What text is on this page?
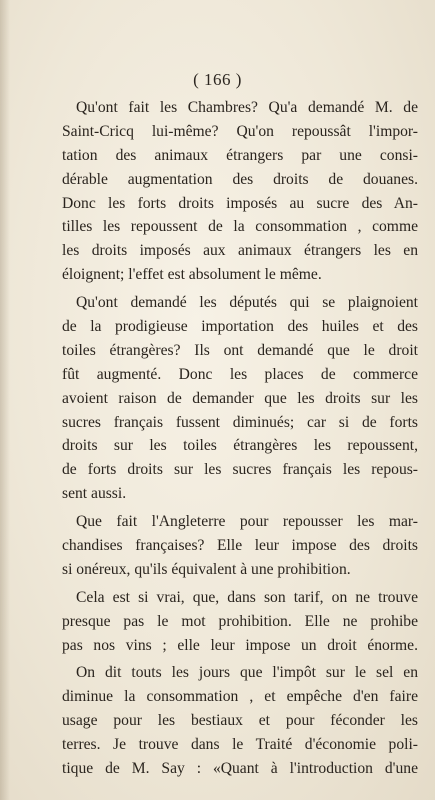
( 166 )
Qu'ont fait les Chambres? Qu'a demandé M. de
Saint-Cricq lui-même? Qu'on repoussât l'impor-
tation des animaux étrangers par une consi-
dérable augmentation des droits de douanes.
Donc les forts droits imposés au sucre des An-
tilles les repoussent de la consommation , comme
les droits imposés aux animaux étrangers les en
éloignent; l'effet est absolument le même.
Qu'ont demandé les députés qui se plaignoient
de la prodigieuse importation des huiles et des
toiles étrangères? Ils ont demandé que le droit
fût augmenté. Donc les places de commerce
avoient raison de demander que les droits sur les
sucres français fussent diminués; car si de forts
droits sur les toiles étrangères les repoussent,
de forts droits sur les sucres français les repous-
sent aussi.
Que fait l'Angleterre pour repousser les mar-
chandises françaises? Elle leur impose des droits
si onéreux, qu'ils équivalent à une prohibition.
Cela est si vrai, que, dans son tarif, on ne trouve
presque pas le mot prohibition. Elle ne prohibe
pas nos vins ; elle leur impose un droit énorme.
On dit touts les jours que l'impôt sur le sel en
diminue la consommation , et empêche d'en faire
usage pour les bestiaux et pour féconder les
terres. Je trouve dans le Traité d'économie poli-
tique de M. Say : «Quant à l'introduction d'une
